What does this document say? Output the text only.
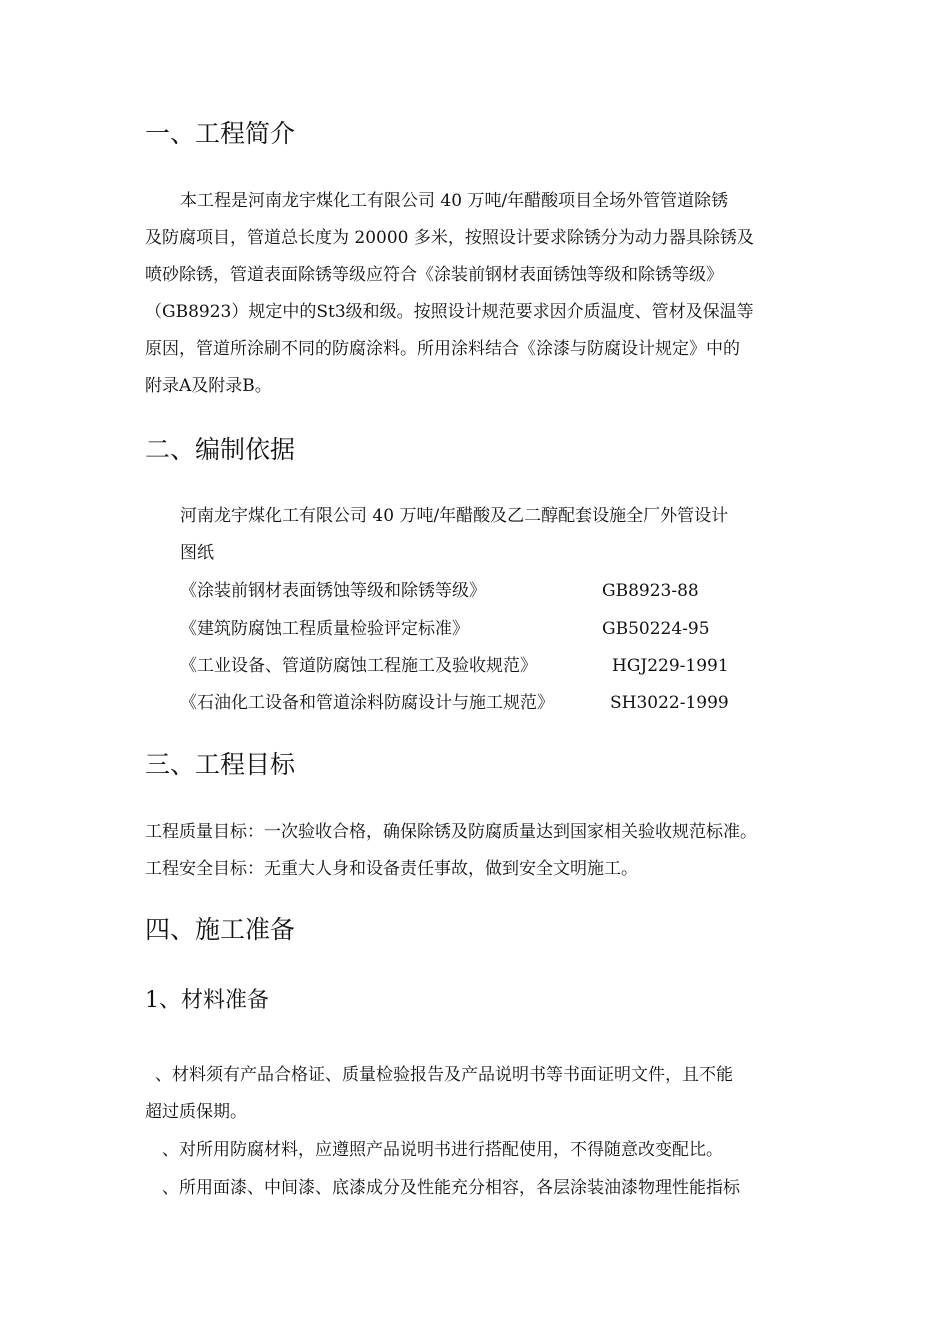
一、工程简介
本工程是河南龙宇煤化工有限公司 40 万吨/年醋酸项目全场外管管道除锈
及防腐项目，管道总长度为 20000 多米，按照设计要求除锈分为动力器具除锈及
喷砂除锈，管道表面除锈等级应符合《涂装前钢材表面锈蚀等级和除锈等级》
（GB8923）规定中的St3级和级。按照设计规范要求因介质温度、管材及保温等
原因，管道所涂刷不同的防腐涂料。所用涂料结合《涂漆与防腐设计规定》中的
附录A及附录B。
二、编制依据
河南龙宇煤化工有限公司 40 万吨/年醋酸及乙二醇配套设施全厂外管设计
图纸
《涂装前钢材表面锈蚀等级和除锈等级》	GB8923-88
《建筑防腐蚀工程质量检验评定标准》	GB50224-95
《工业设备、管道防腐蚀工程施工及验收规范》	HGJ229-1991
《石油化工设备和管道涂料防腐设计与施工规范》	SH3022-1999
三、工程目标
工程质量目标：一次验收合格，确保除锈及防腐质量达到国家相关验收规范标准。
工程安全目标：无重大人身和设备责任事故，做到安全文明施工。
四、施工准备
1、材料准备
、材料须有产品合格证、质量检验报告及产品说明书等书面证明文件，且不能
超过质保期。
、对所用防腐材料，应遵照产品说明书进行搭配使用，不得随意改变配比。
、所用面漆、中间漆、底漆成分及性能充分相容，各层涂装油漆物理性能指标
